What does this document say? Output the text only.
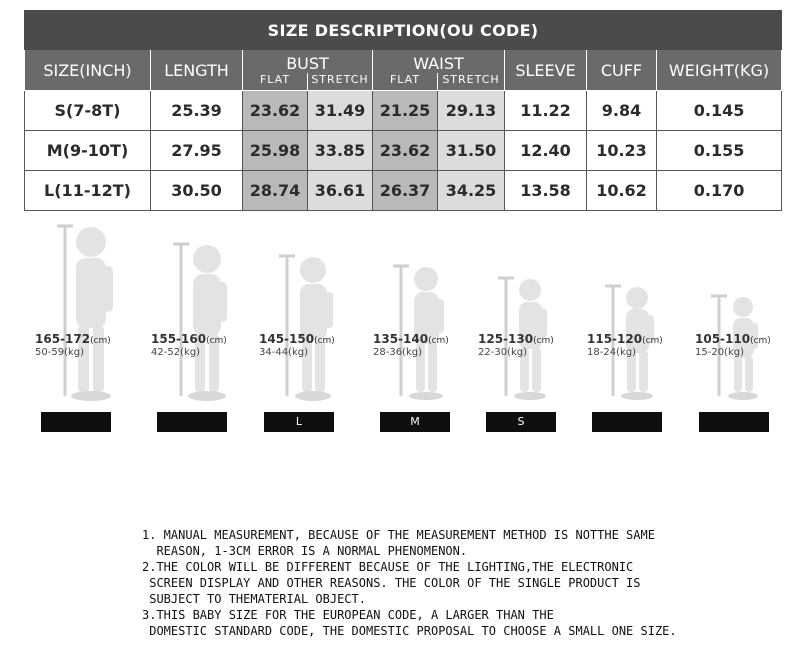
SIZE DESCRIPTION(OU CODE)								
SIZE(INCH)	LENGTH	BUST		WAIST		SLEEVE	CUFF	WEIGHT(KG)
		FLAT	STRETCH	FLAT	STRETCH			
S(7-8T)	25.39	23.62	31.49	21.25	29.13	11.22	9.84	0.145
M(9-10T)	27.95	25.98	33.85	23.62	31.50	12.40	10.23	0.155
L(11-12T)	30.50	28.74	36.61	26.37	34.25	13.58	10.62	0.170
165-172(cm)
50-59(kg)
155-160(cm)
42-52(kg)
145-150(cm)
34-44(kg)
L
135-140(cm)
28-36(kg)
M
125-130(cm)
22-30(kg)
S
115-120(cm)
18-24(kg)
105-110(cm)
15-20(kg)

1. MANUAL MEASUREMENT, BECAUSE OF THE MEASUREMENT METHOD IS NOTTHE SAME
REASON, 1-3CM ERROR IS A NORMAL PHENOMENON.

2.THE COLOR WILL BE DIFFERENT BECAUSE OF THE LIGHTING,THE ELECTRONIC
SCREEN DISPLAY AND OTHER REASONS. THE COLOR OF THE SINGLE PRODUCT IS
SUBJECT TO THEMATERIAL OBJECT.

3.THIS BABY SIZE FOR THE EUROPEAN CODE, A LARGER THAN THE
DOMESTIC STANDARD CODE, THE DOMESTIC PROPOSAL TO CHOOSE A SMALL ONE SIZE.
